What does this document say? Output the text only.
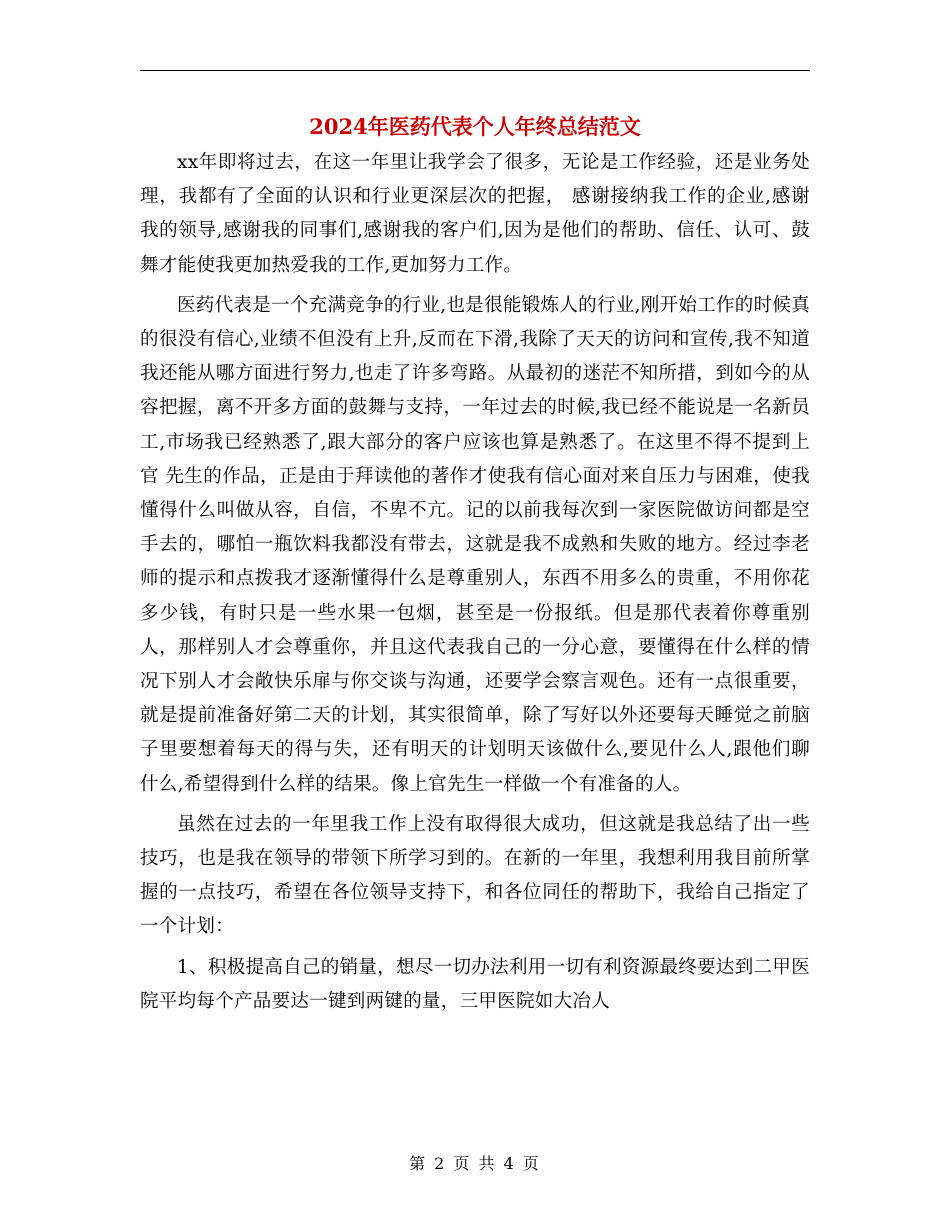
2024年医药代表个人年终总结范文

xx年即将过去，在这一年里让我学会了很多，无论是工作经验，还是业务处理，我都有了全面的认识和行业更深层次的把握， 感谢接纳我工作的企业,感谢我的领导,感谢我的同事们,感谢我的客户们,因为是他们的帮助、信任、认可、鼓舞才能使我更加热爱我的工作,更加努力工作。

医药代表是一个充满竞争的行业,也是很能锻炼人的行业,刚开始工作的时候真的很没有信心,业绩不但没有上升,反而在下滑,我除了天天的访问和宣传,我不知道我还能从哪方面进行努力,也走了许多弯路。从最初的迷茫不知所措，到如今的从容把握，离不开多方面的鼓舞与支持，一年过去的时候,我已经不能说是一名新员工,市场我已经熟悉了,跟大部分的客户应该也算是熟悉了。在这里不得不提到上官 先生的作品，正是由于拜读他的著作才使我有信心面对来自压力与困难，使我懂得什么叫做从容，自信，不卑不亢。记的以前我每次到一家医院做访问都是空手去的，哪怕一瓶饮料我都没有带去，这就是我不成熟和失败的地方。经过李老师的提示和点拨我才逐渐懂得什么是尊重别人，东西不用多么的贵重，不用你花多少钱，有时只是一些水果一包烟，甚至是一份报纸。但是那代表着你尊重别人，那样别人才会尊重你，并且这代表我自己的一分心意，要懂得在什么样的情况下别人才会敞快乐扉与你交谈与沟通，还要学会察言观色。还有一点很重要，就是提前准备好第二天的计划，其实很简单，除了写好以外还要每天睡觉之前脑子里要想着每天的得与失，还有明天的计划明天该做什么,要见什么人,跟他们聊什么,希望得到什么样的结果。像上官先生一样做一个有准备的人。

虽然在过去的一年里我工作上没有取得很大成功，但这就是我总结了出一些技巧，也是我在领导的带领下所学习到的。在新的一年里，我想利用我目前所掌握的一点技巧，希望在各位领导支持下，和各位同任的帮助下，我给自己指定了一个计划：

1、积极提高自己的销量，想尽一切办法利用一切有利资源最终要达到二甲医院平均每个产品要达一键到两键的量，三甲医院如大冶人

第 2 页 共 4 页
